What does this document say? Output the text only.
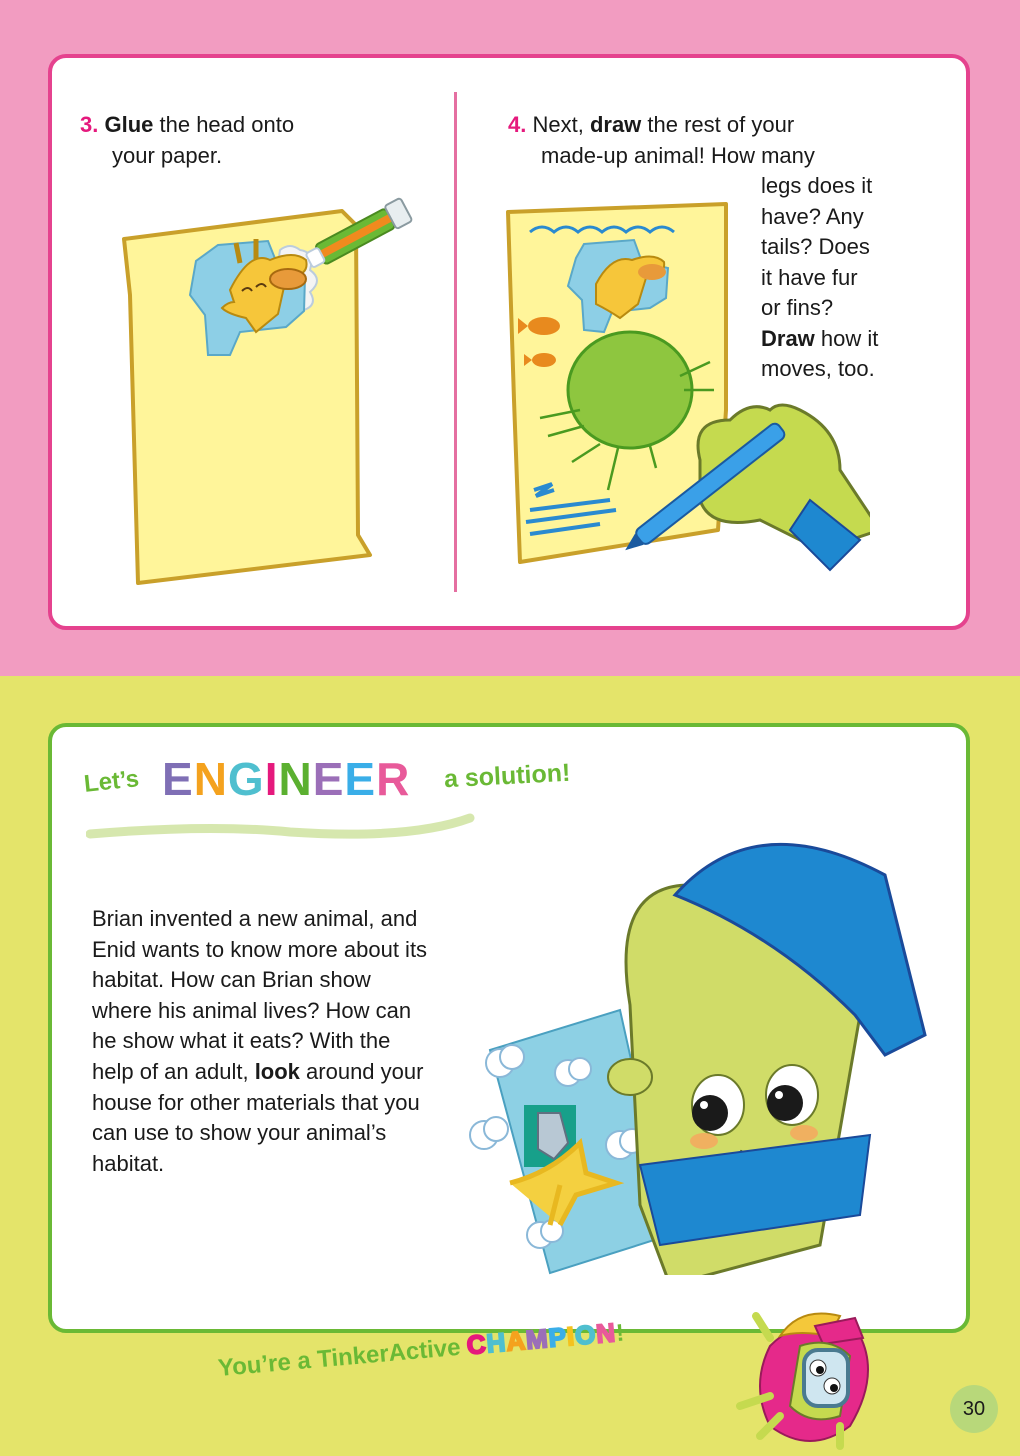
3. Glue the head onto
your paper.
4. Next, draw the rest of your
made-up animal! How many
legs does it
have? Any
tails? Does
it have fur
or fins?
Draw how it
moves, too.
Let’s ENGINEER a solution!
Brian invented a new animal, and Enid wants to know more about its habitat. How can Brian show where his animal lives? How can he show what it eats? With the help of an adult, look around your house for other materials that you can use to show your animal’s habitat.
You’re a TinkerActive CHAMPION!
30
